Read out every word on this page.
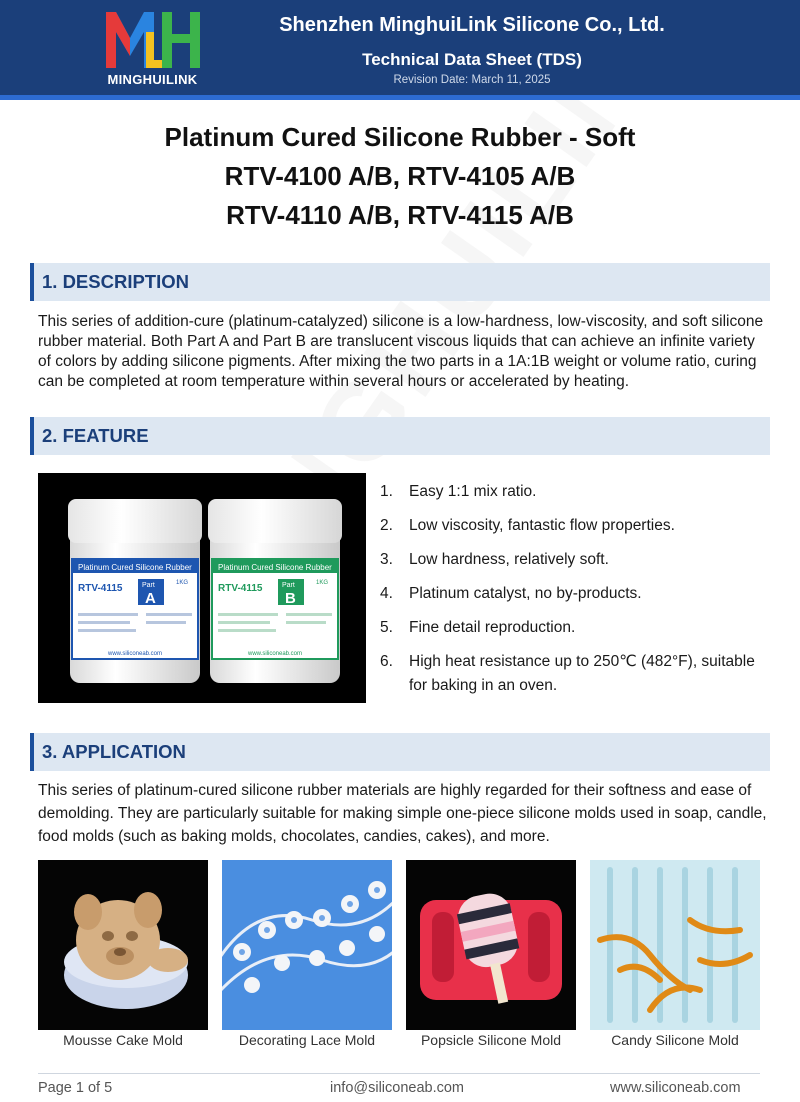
MINGHUILINK
Shenzhen MinghuiLink Silicone Co., Ltd.
Technical Data Sheet (TDS)
Revision Date: March 11, 2025
Platinum Cured Silicone Rubber - Soft
RTV-4100 A/B, RTV-4105 A/B
RTV-4110 A/B, RTV-4115 A/B
1. DESCRIPTION
This series of addition-cure (platinum-catalyzed) silicone is a low-hardness, low-viscosity, and soft silicone rubber material. Both Part A and Part B are translucent viscous liquids that can achieve an infinite variety of colors by adding silicone pigments. After mixing the two parts in a 1A:1B weight or volume ratio, curing can be completed at room temperature within several hours or accelerated by heating.
2. FEATURE
Platinum Cured Silicone Rubber
RTV-4115	1KG
Part
A
www.siliconeab.com
Platinum Cured Silicone Rubber
RTV-4115	1KG
Part
B
www.siliconeab.com
1. Easy 1:1 mix ratio.
2. Low viscosity, fantastic flow properties.
3. Low hardness, relatively soft.
4. Platinum catalyst, no by-products.
5. Fine detail reproduction.
6. High heat resistance up to 250℃ (482°F), suitable for baking in an oven.
3. APPLICATION
This series of platinum-cured silicone rubber materials are highly regarded for their softness and ease of demolding. They are particularly suitable for making simple one-piece silicone molds used in soap, candle, food molds (such as baking molds, chocolates, candies, cakes), and more.
Mousse Cake Mold	Decorating Lace Mold	Popsicle Silicone Mold	Candy Silicone Mold
Page 1 of 5	info@siliconeab.com	www.siliconeab.com
